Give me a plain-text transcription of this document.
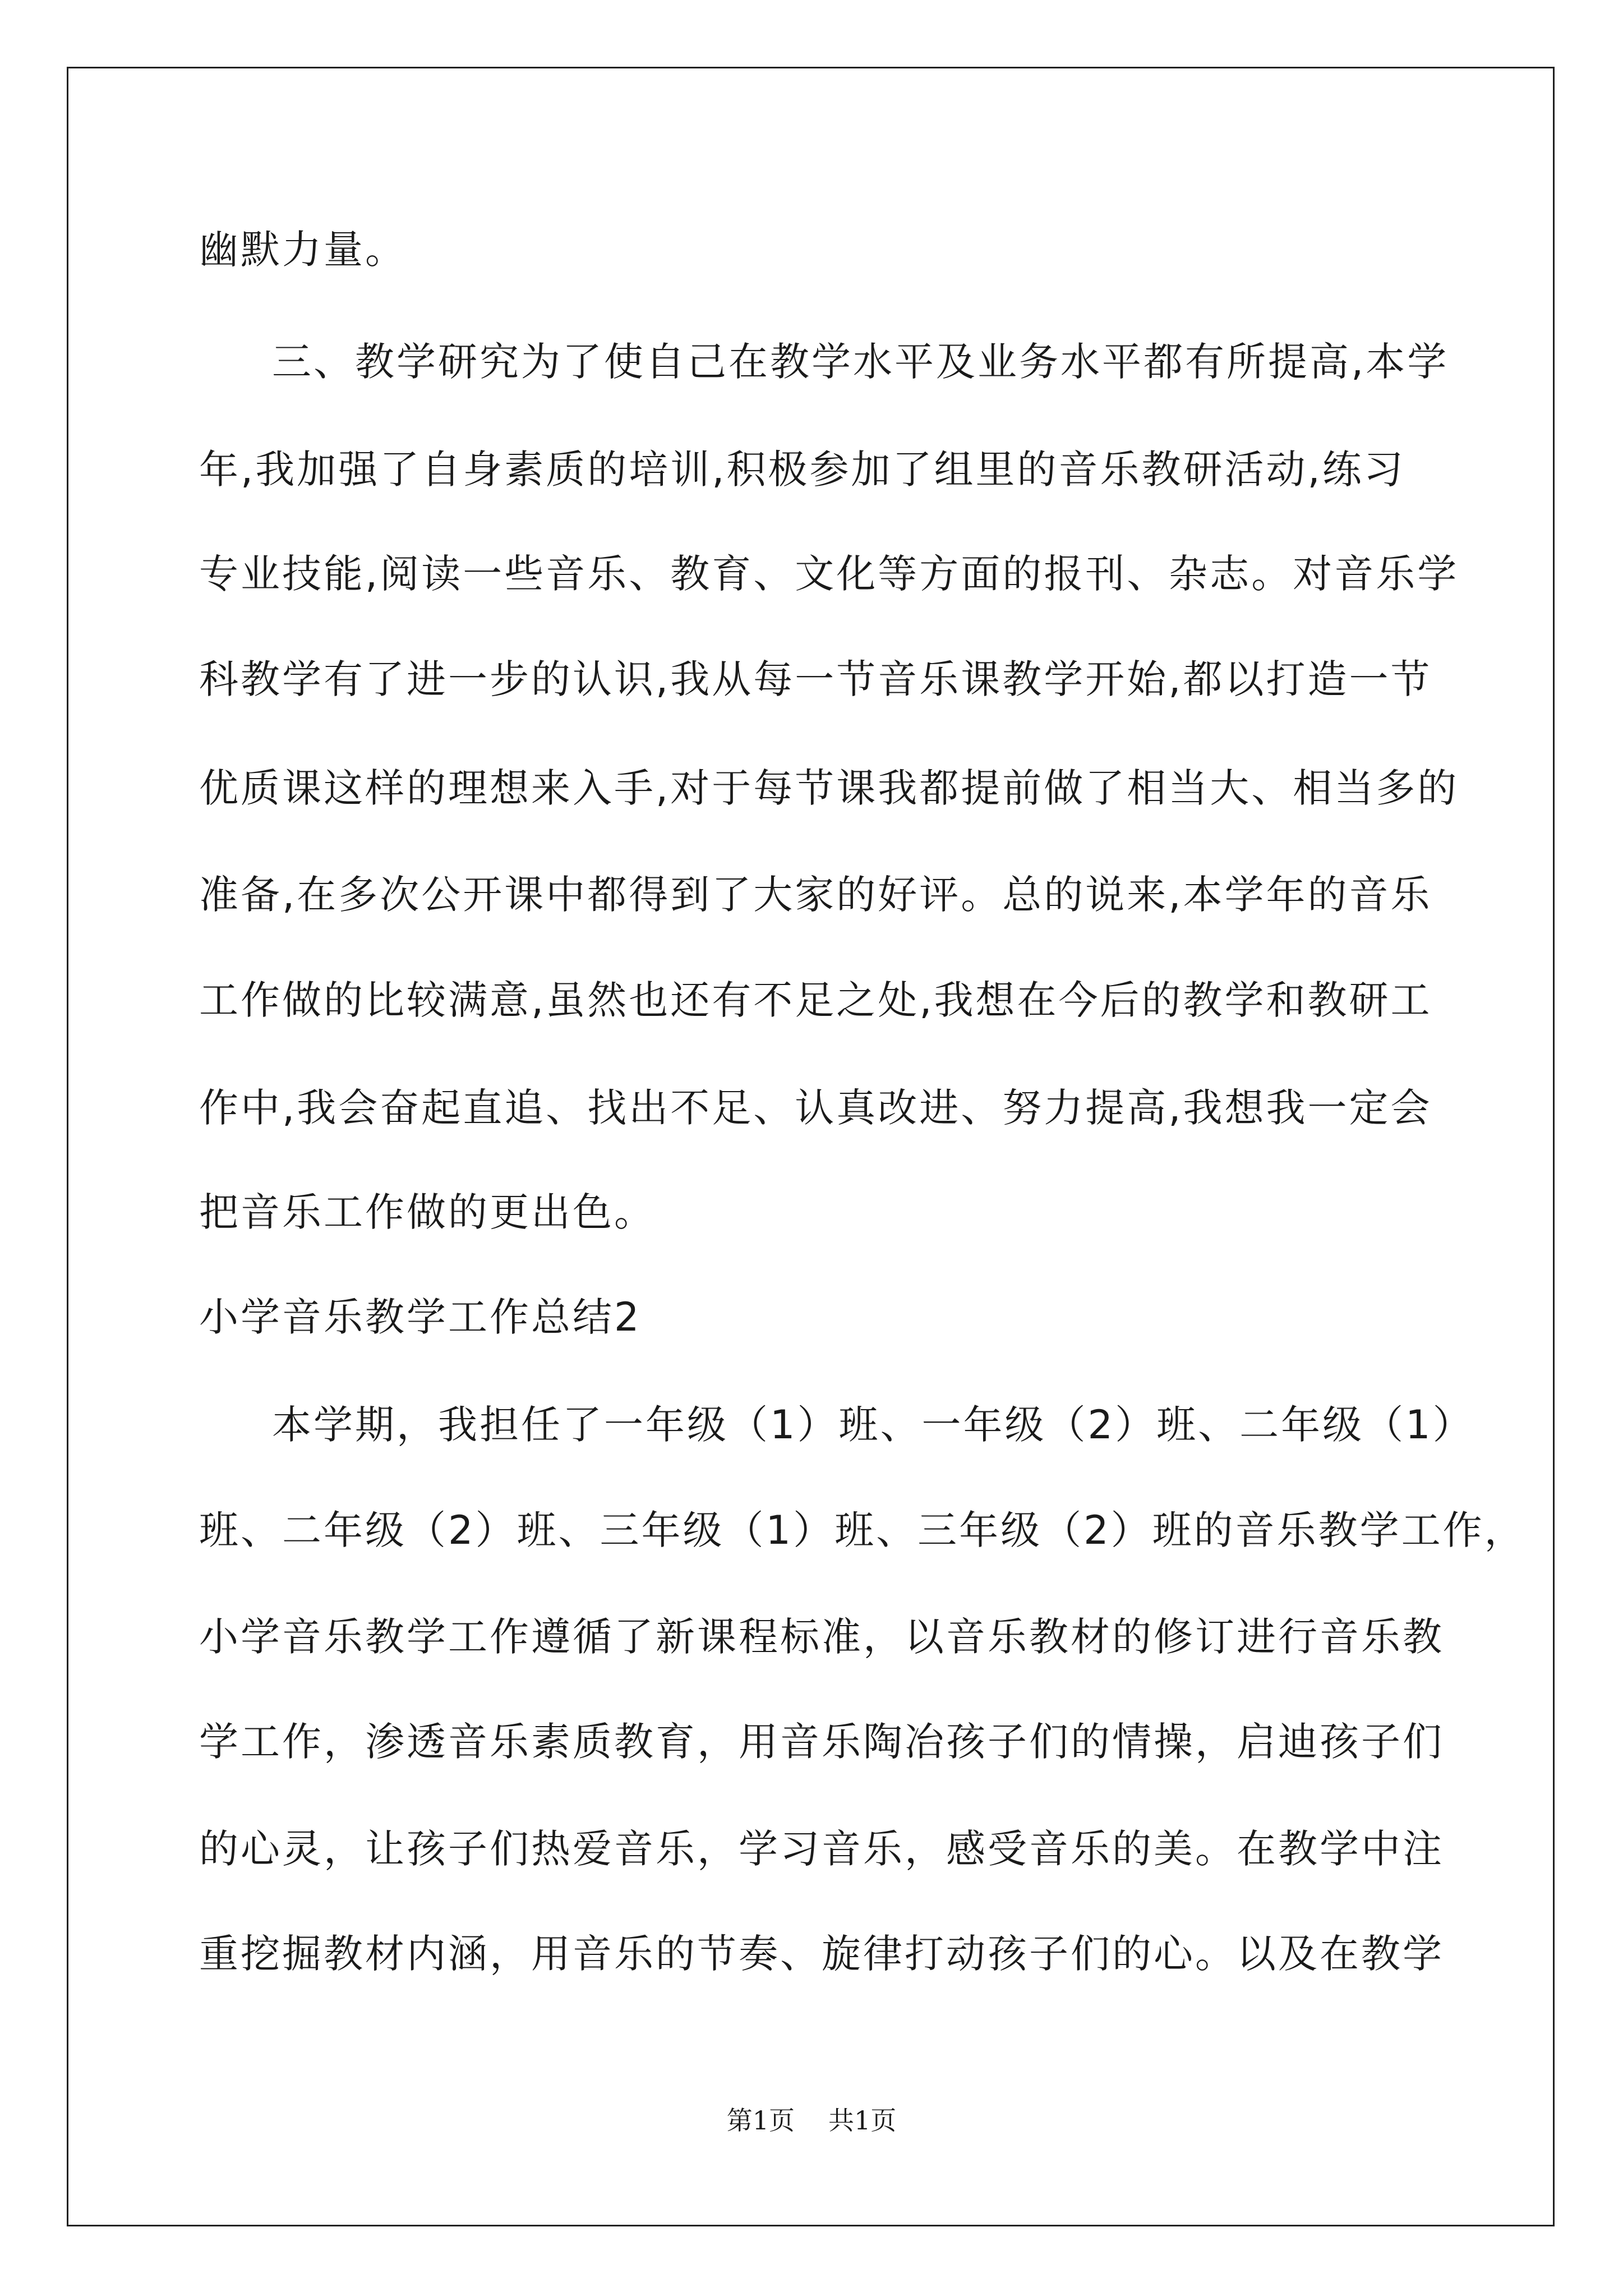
幽默力量。
三、教学研究为了使自己在教学水平及业务水平都有所提高,本学
年,我加强了自身素质的培训,积极参加了组里的音乐教研活动,练习
专业技能,阅读一些音乐、教育、文化等方面的报刊、杂志。对音乐学
科教学有了进一步的认识,我从每一节音乐课教学开始,都以打造一节
优质课这样的理想来入手,对于每节课我都提前做了相当大、相当多的
准备,在多次公开课中都得到了大家的好评。总的说来,本学年的音乐
工作做的比较满意,虽然也还有不足之处,我想在今后的教学和教研工
作中,我会奋起直追、找出不足、认真改进、努力提高,我想我一定会
把音乐工作做的更出色。
小学音乐教学工作总结2
本学期，我担任了一年级（1）班、一年级（2）班、二年级（1）
班、二年级（2）班、三年级（1）班、三年级（2）班的音乐教学工作，
小学音乐教学工作遵循了新课程标准，以音乐教材的修订进行音乐教
学工作，渗透音乐素质教育，用音乐陶冶孩子们的情操，启迪孩子们
的心灵，让孩子们热爱音乐，学习音乐，感受音乐的美。在教学中注
重挖掘教材内涵，用音乐的节奏、旋律打动孩子们的心。以及在教学
第1页 共1页
